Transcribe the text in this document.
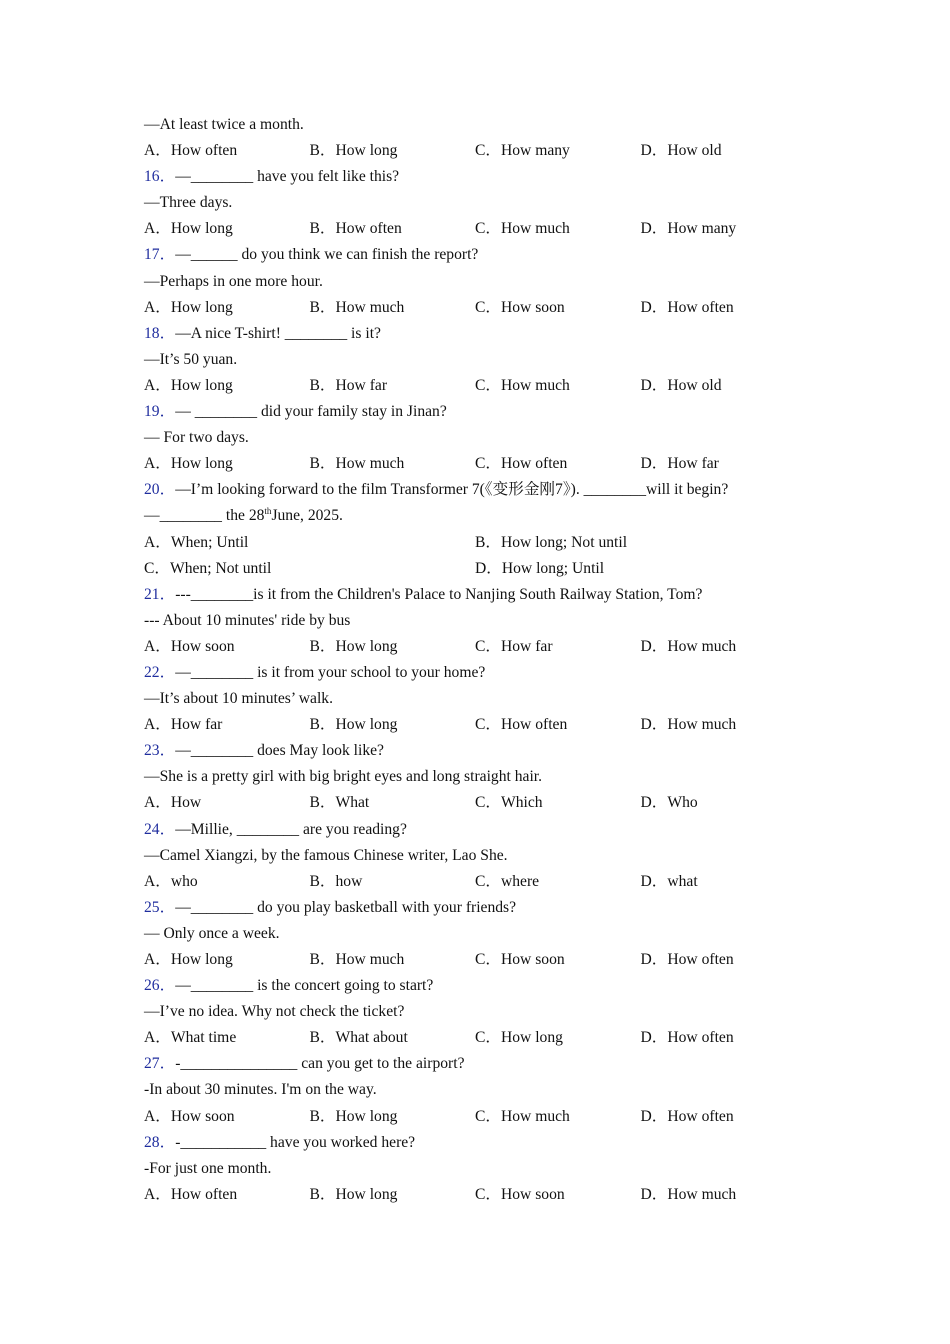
—At least twice a month.
A．How often	B．How long	C．How many	D．How old
16．—________ have you felt like this?
—Three days.
A．How long	B．How often	C．How much	D．How many
17．—______ do you think we can finish the report?
—Perhaps in one more hour.
A．How long	B．How much	C．How soon	D．How often
18．—A nice T-shirt! ________ is it?
—It’s 50 yuan.
A．How long	B．How far	C．How much	D．How old
19．— ________ did your family stay in Jinan?
— For two days.
A．How long	B．How much	C．How often	D．How far
20．—I’m looking forward to the film Transformer 7(《变形金刚7》). ________will it begin?
—________ the 28thJune, 2025.
A．When; Until	B．How long; Not until
C．When; Not until	D．How long; Until
21．---________is it from the Children's Palace to Nanjing South Railway Station, Tom?
--- About 10 minutes' ride by bus
A．How soon	B．How long	C．How far	D．How much
22．—________ is it from your school to your home?
—It’s about 10 minutes’ walk.
A．How far	B．How long	C．How often	D．How much
23．—________ does May look like?
—She is a pretty girl with big bright eyes and long straight hair.
A．How	B．What	C．Which	D．Who
24．—Millie, ________ are you reading?
—Camel Xiangzi, by the famous Chinese writer, Lao She.
A．who	B．how	C．where	D．what
25．—________ do you play basketball with your friends?
— Only once a week.
A．How long	B．How much	C．How soon	D．How often
26．—________ is the concert going to start?
—I’ve no idea. Why not check the ticket?
A．What time	B．What about	C．How long	D．How often
27．-_______________ can you get to the airport?
-In about 30 minutes. I'm on the way.
A．How soon	B．How long	C．How much	D．How often
28．-___________ have you worked here?
-For just one month.
A．How often	B．How long	C．How soon	D．How much
